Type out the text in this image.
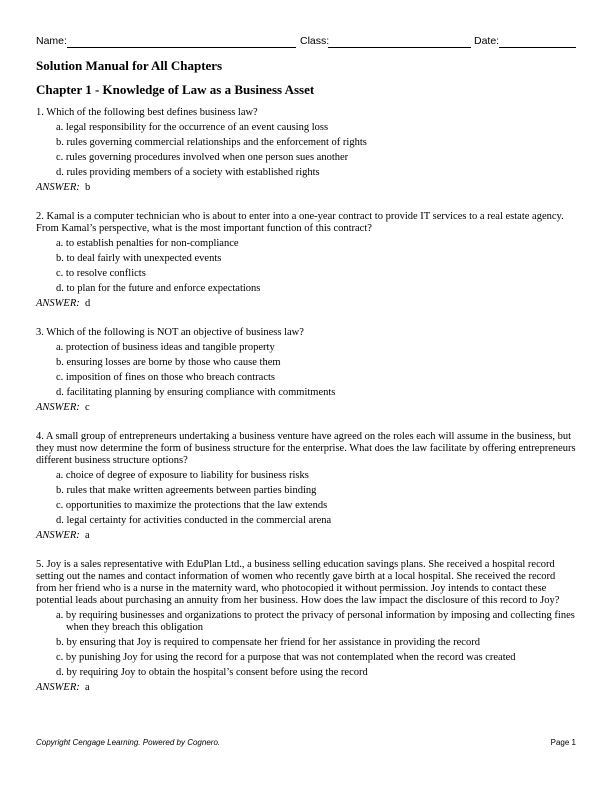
Name:	Class:	Date:
Solution Manual for All Chapters
Chapter 1 - Knowledge of Law as a Business Asset

1. Which of the following best defines business law?

a. legal responsibility for the occurrence of an event causing loss

b. rules governing commercial relationships and the enforcement of rights

c. rules governing procedures involved when one person sues another

d. rules providing members of a society with established rights

ANSWER: b

2. Kamal is a computer technician who is about to enter into a one-year contract to provide IT services to a real estate agency. From Kamal’s perspective, what is the most important function of this contract?

a. to establish penalties for non-compliance

b. to deal fairly with unexpected events

c. to resolve conflicts

d. to plan for the future and enforce expectations

ANSWER: d

3. Which of the following is NOT an objective of business law?

a. protection of business ideas and tangible property

b. ensuring losses are borne by those who cause them

c. imposition of fines on those who breach contracts

d. facilitating planning by ensuring compliance with commitments

ANSWER: c

4. A small group of entrepreneurs undertaking a business venture have agreed on the roles each will assume in the business, but they must now determine the form of business structure for the enterprise. What does the law facilitate by offering entrepreneurs different business structure options?

a. choice of degree of exposure to liability for business risks

b. rules that make written agreements between parties binding

c. opportunities to maximize the protections that the law extends

d. legal certainty for activities conducted in the commercial arena

ANSWER: a

5. Joy is a sales representative with EduPlan Ltd., a business selling education savings plans. She received a hospital record setting out the names and contact information of women who recently gave birth at a local hospital. She received the record from her friend who is a nurse in the maternity ward, who photocopied it without permission. Joy intends to contact these potential leads about purchasing an annuity from her business. How does the law impact the disclosure of this record to Joy?

a. by requiring businesses and organizations to protect the privacy of personal information by imposing and collecting fines when they breach this obligation

b. by ensuring that Joy is required to compensate her friend for her assistance in providing the record

c. by punishing Joy for using the record for a purpose that was not contemplated when the record was created

d. by requiring Joy to obtain the hospital’s consent before using the record

ANSWER: a

Copyright Cengage Learning. Powered by Cognero.	Page 1
